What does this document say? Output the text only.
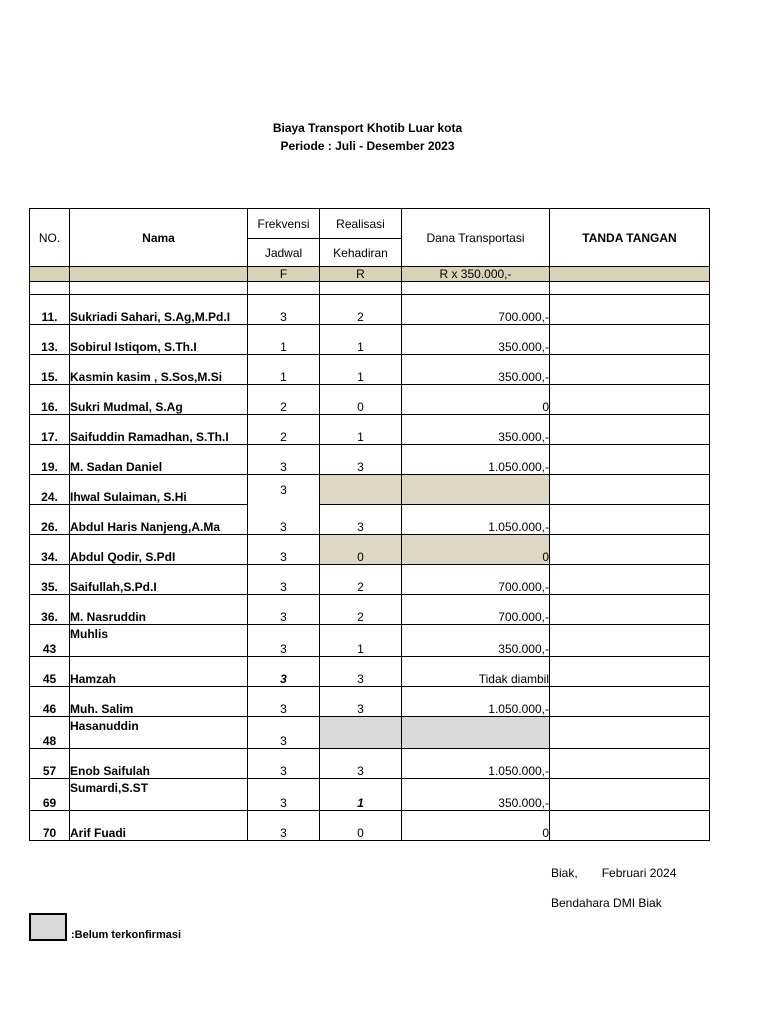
Biaya Transport Khotib Luar kota
Periode : Juli - Desember 2023
NO.	Nama	Frekvensi	Realisasi	Dana Transportasi	TANDA TANGAN
		Jadwal	Kehadiran		
		F	R	R x 350.000,-	

11.	Sukriadi Sahari, S.Ag,M.Pd.I	3	2	700.000,-	
13.	Sobirul Istiqom, S.Th.I	1	1	350.000,-	
15.	Kasmin kasim , S.Sos,M.Si	1	1	350.000,-	
16.	Sukri Mudmal, S.Ag	2	0	0	
17.	Saifuddin Ramadhan, S.Th.I	2	1	350.000,-	
19.	M. Sadan Daniel	3	3	1.050.000,-	
24.	Ihwal Sulaiman, S.Hi	3			
26.	Abdul Haris Nanjeng,A.Ma	3	3	1.050.000,-	
34.	Abdul Qodir, S.PdI	3	0	0	
35.	Saifullah,S.Pd.I	3	2	700.000,-	
36.	M. Nasruddin	3	2	700.000,-	
43	Muhlis	3	1	350.000,-	
45	Hamzah	3	3	Tidak diambil	
46	Muh. Salim	3	3	1.050.000,-	
48	Hasanuddin	3			
57	Enob Saifulah	3	3	1.050.000,-	
69	Sumardi,S.ST	3	1	350.000,-	
70	Arif Fuadi	3	0	0	
Biak, Februari 2024
Bendahara DMI Biak
:Belum terkonfirmasi
